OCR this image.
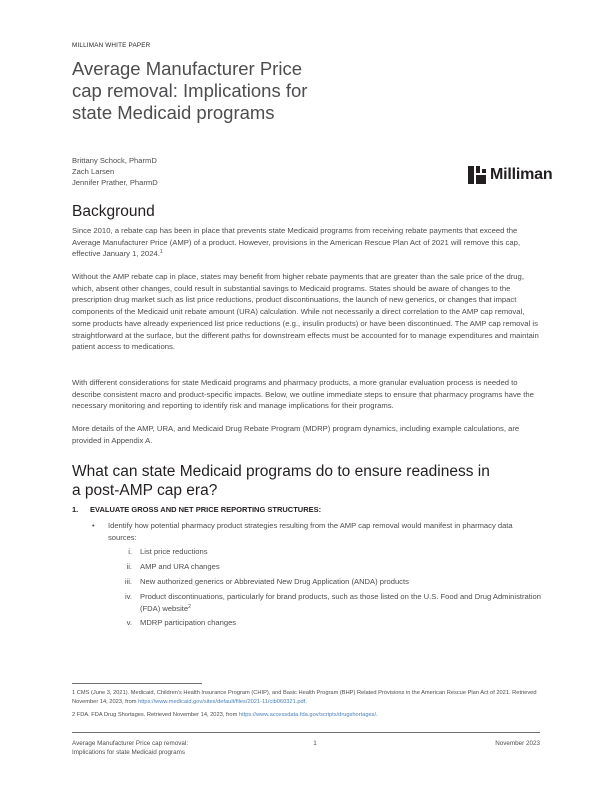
MILLIMAN WHITE PAPER
Average Manufacturer Price
cap removal: Implications for
state Medicaid programs
Brittany Schock, PharmD
Zach Larsen
Jennifer Prather, PharmD	Milliman
Background

Since 2010, a rebate cap has been in place that prevents state Medicaid programs from receiving rebate payments that exceed the Average Manufacturer Price (AMP) of a product. However, provisions in the American Rescue Plan Act of 2021 will remove this cap, effective January 1, 2024.$^1$

Without the AMP rebate cap in place, states may benefit from higher rebate payments that are greater than the sale price of the drug, which, absent other changes, could result in substantial savings to Medicaid programs. States should be aware of changes to the prescription drug market such as list price reductions, product discontinuations, the launch of new generics, or changes that impact components of the Medicaid unit rebate amount (URA) calculation. While not necessarily a direct correlation to the AMP cap removal, some products have already experienced list price reductions (e.g., insulin products) or have been discontinued. The AMP cap removal is straightforward at the surface, but the different paths for downstream effects must be accounted for to manage expenditures and maintain patient access to medications.

With different considerations for state Medicaid programs and pharmacy products, a more granular evaluation process is needed to describe consistent macro and product-specific impacts. Below, we outline immediate steps to ensure that pharmacy programs have the necessary monitoring and reporting to identify risk and manage implications for their programs.

More details of the AMP, URA, and Medicaid Drug Rebate Program (MDRP) program dynamics, including example calculations, are provided in Appendix A.

What can state Medicaid programs do to ensure readiness in
a post-AMP cap era?
1. EVALUATE GROSS AND NET PRICE REPORTING STRUCTURES:
• Identify how potential pharmacy product strategies resulting from the AMP cap removal would manifest in pharmacy data sources:
i. List price reductions
ii. AMP and URA changes
iii. New authorized generics or Abbreviated New Drug Application (ANDA) products
iv. Product discontinuations, particularly for brand products, such as those listed on the U.S. Food and Drug Administration (FDA) website$^2$
v. MDRP participation changes
1 CMS (June 3, 2021). Medicaid, Children's Health Insurance Program (CHIP), and Basic Health Program (BHP) Related Provisions in the American Rescue Plan Act of 2021. Retrieved November 14, 2023, from https://www.medicaid.gov/sites/default/files/2021-11/cib060321.pdf.
2 FDA. FDA Drug Shortages. Retrieved November 14, 2023, from https://www.accessdata.fda.gov/scripts/drugshortages/.
Average Manufacturer Price cap removal:
Implications for state Medicaid programs
1	November 2023
